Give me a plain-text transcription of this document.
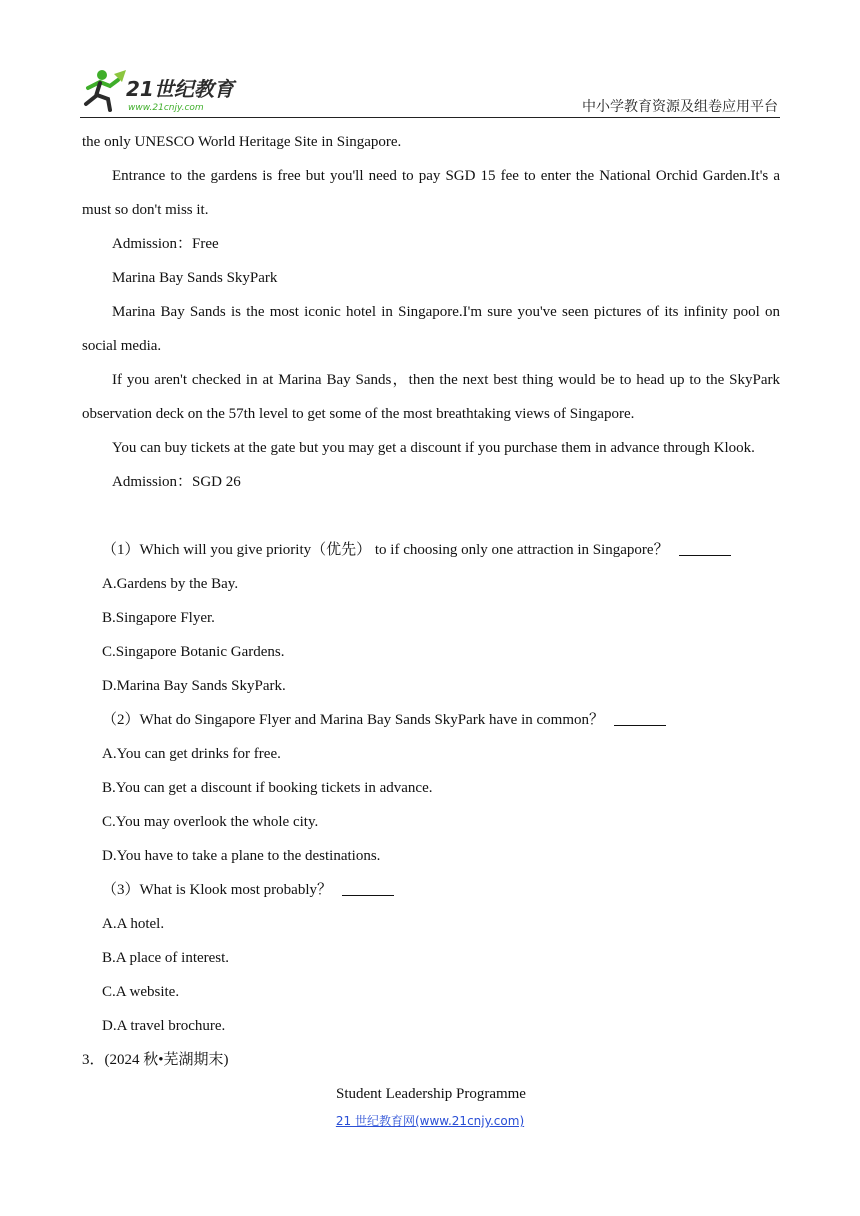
21世纪教育
www.21cnjy.com	中小学教育资源及组卷应用平台

the only UNESCO World Heritage Site in Singapore.

Entrance to the gardens is free but you'll need to pay SGD 15 fee to enter the National Orchid Garden.It's a must so don't miss it.

Admission：Free

Marina Bay Sands SkyPark

Marina Bay Sands is the most iconic hotel in Singapore.I'm sure you've seen pictures of its infinity pool on social media.

If you aren't checked in at Marina Bay Sands，then the next best thing would be to head up to the SkyPark observation deck on the 57th level to get some of the most breathtaking views of Singapore.

You can buy tickets at the gate but you may get a discount if you purchase them in advance through Klook.

Admission：SGD 26

（1）Which will you give priority（优先） to if choosing only one attraction in Singapore？

A.Gardens by the Bay.

B.Singapore Flyer.

C.Singapore Botanic Gardens.

D.Marina Bay Sands SkyPark.

（2）What do Singapore Flyer and Marina Bay Sands SkyPark have in common？

A.You can get drinks for free.

B.You can get a discount if booking tickets in advance.

C.You may overlook the whole city.

D.You have to take a plane to the destinations.

（3）What is Klook most probably？

A.A hotel.

B.A place of interest.

C.A website.

D.A travel brochure.

3．(2024 秋•芜湖期末)

Student Leadership Programme

21 世纪教育网(www.21cnjy.com)
